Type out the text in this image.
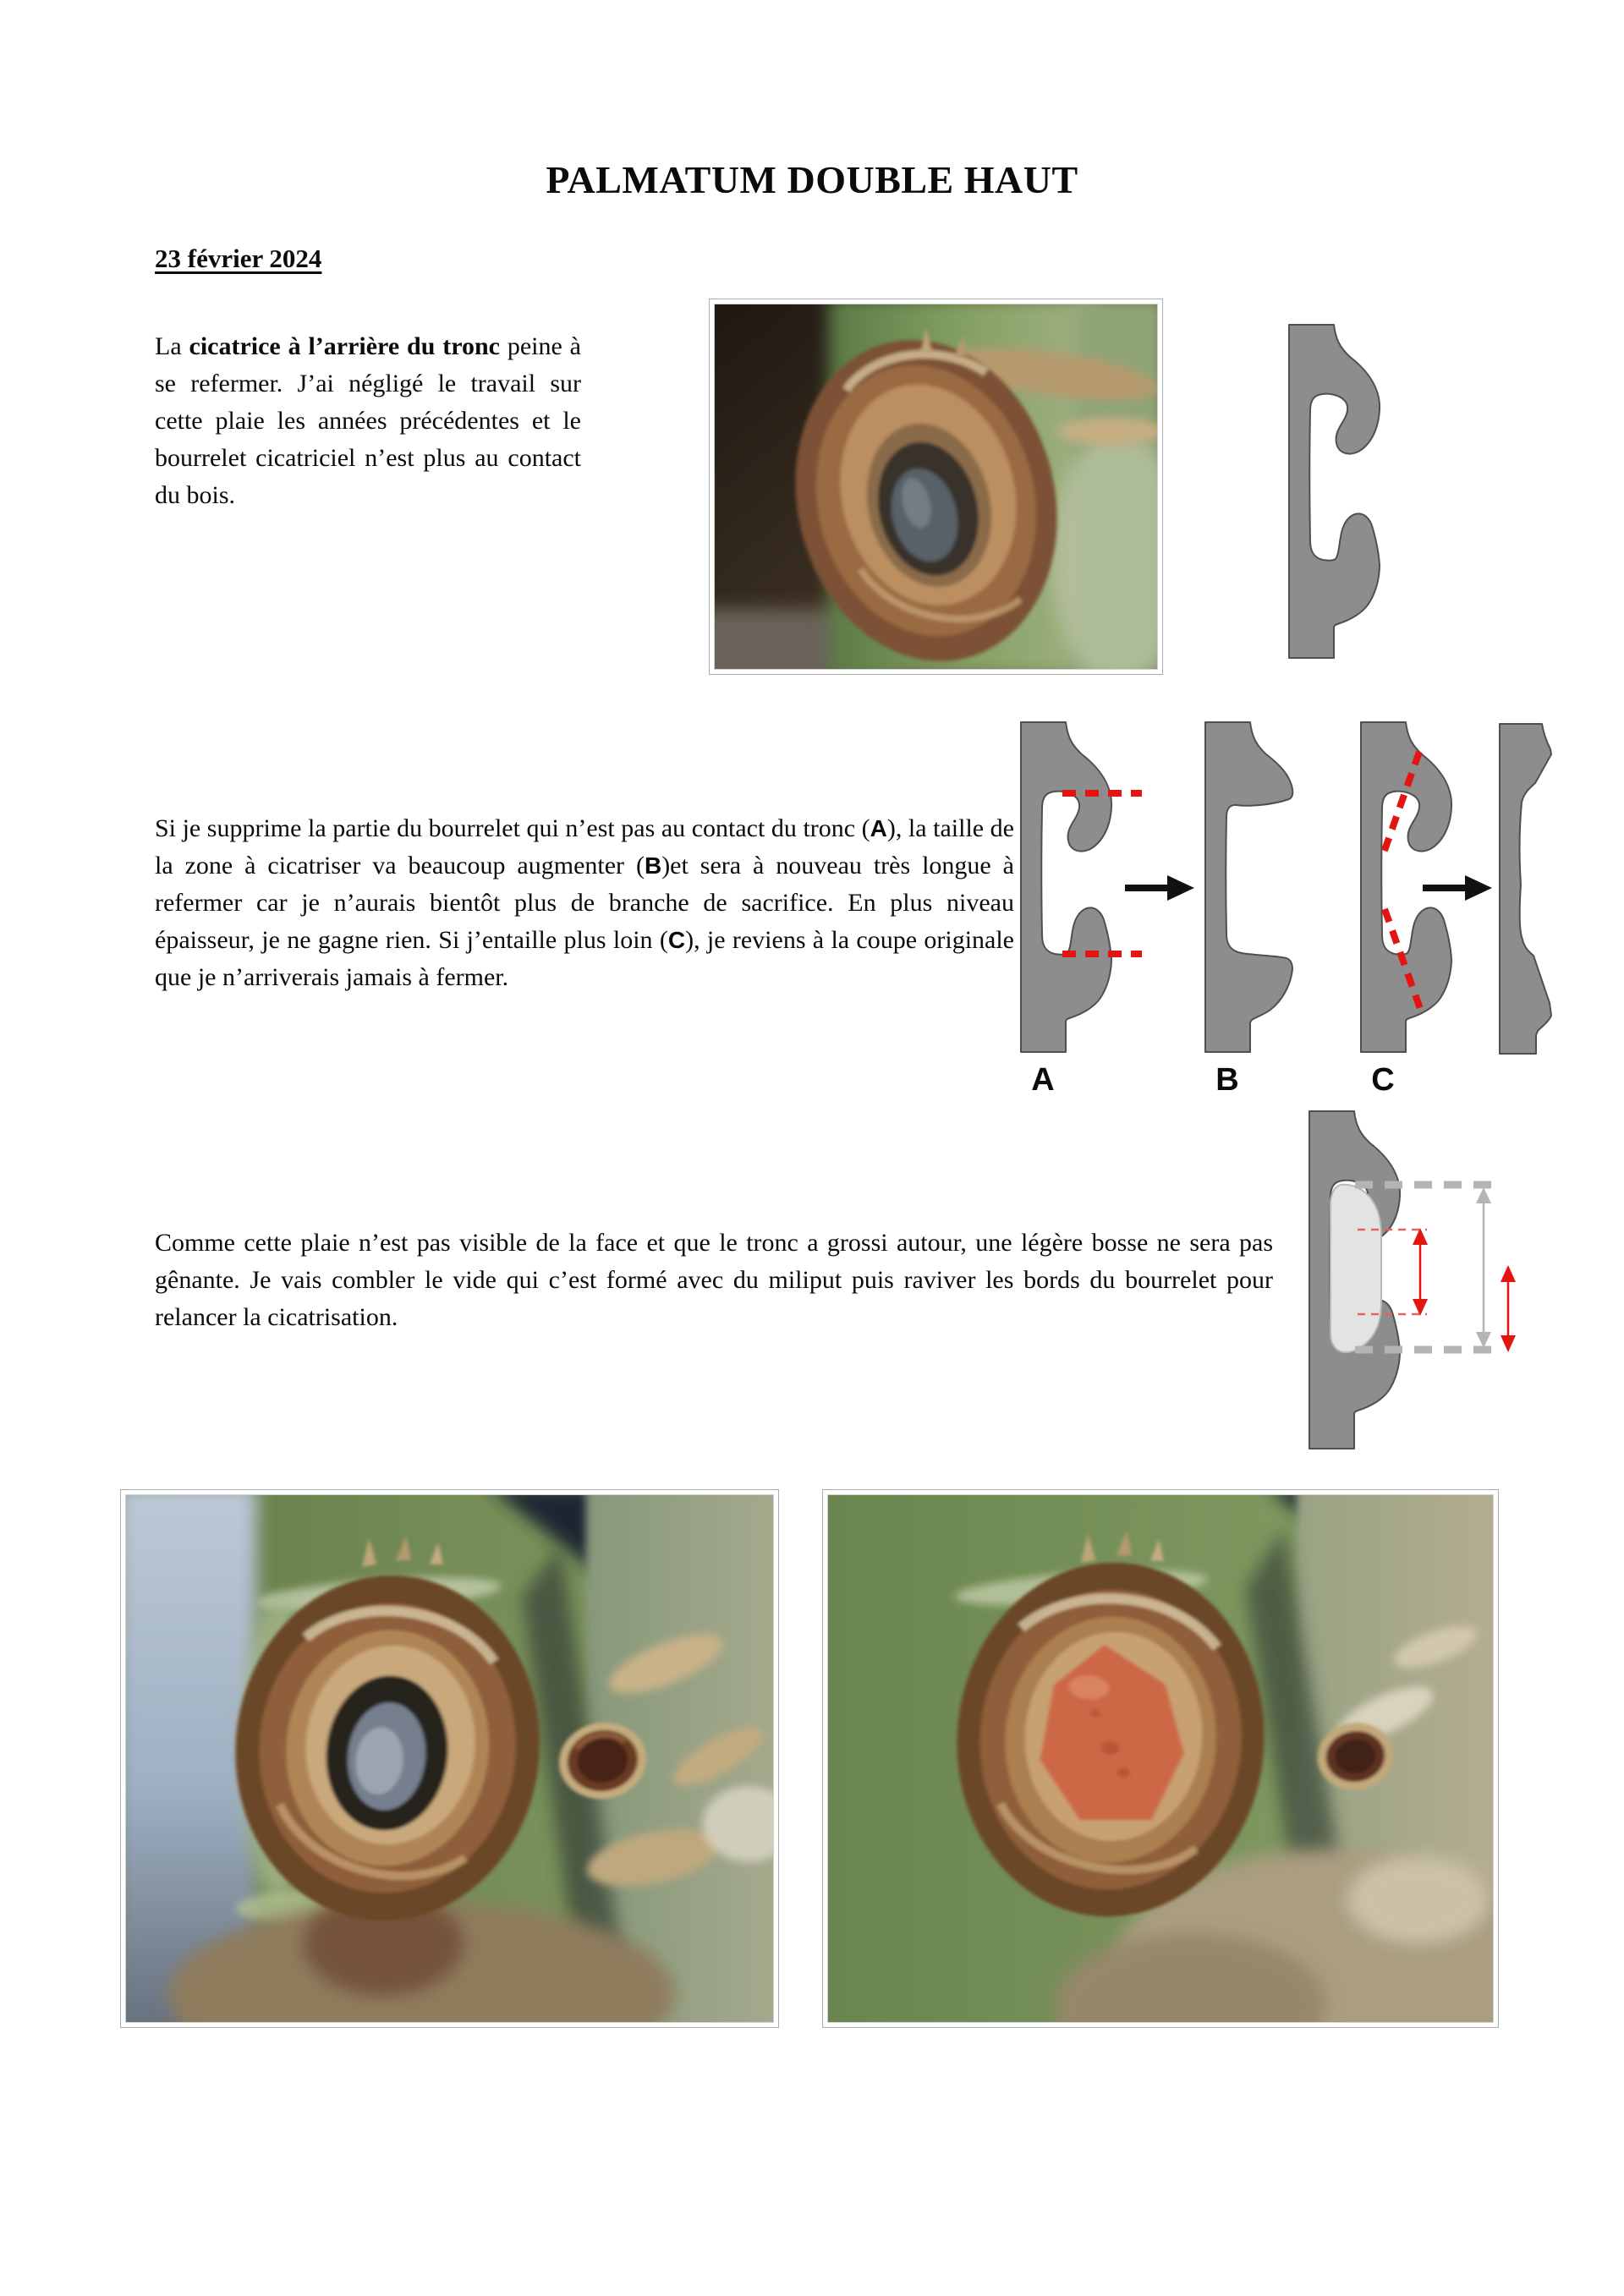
PALMATUM DOUBLE HAUT
23 février 2024

La cicatrice à l’arrière du tronc peine à se refermer. J’ai négligé le travail sur cette plaie les années précédentes et le bourrelet cicatriciel n’est plus au contact du bois.

Si je supprime la partie du bourrelet qui n’est pas au contact du tronc (A), la taille de la zone à cicatriser va beaucoup augmenter (B)et sera à nouveau très longue à refermer car je n’aurais bientôt plus de branche de sacrifice. En plus niveau épaisseur, je ne gagne rien. Si j’entaille plus loin (C), je reviens à la coupe originale que je n’arriverais jamais à fermer.

A	B	C

Comme cette plaie n’est pas visible de la face et que le tronc a grossi autour, une légère bosse ne sera pas gênante. Je vais combler le vide qui c’est formé avec du miliput puis raviver les bords du bourrelet pour relancer la cicatrisation.
